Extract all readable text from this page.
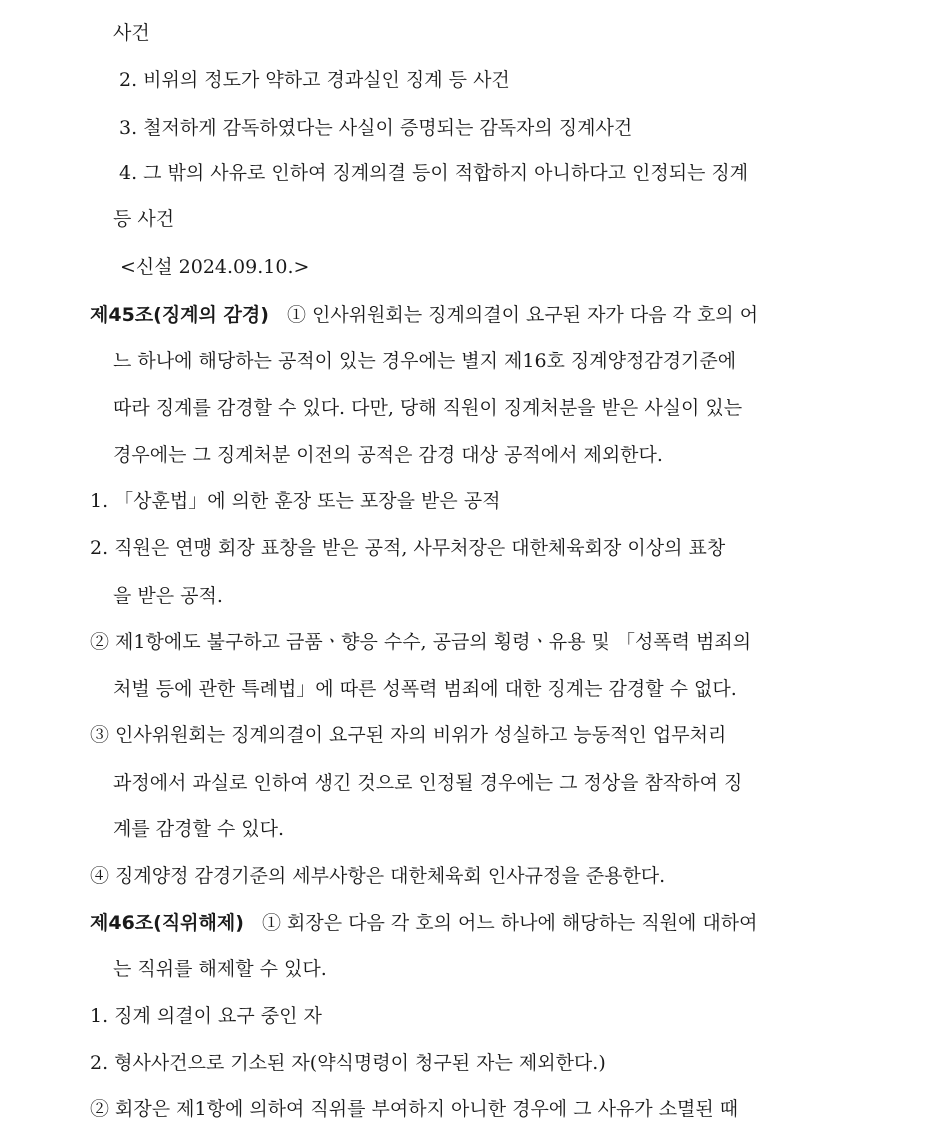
사건
2. 비위의 정도가 약하고 경과실인 징계 등 사건
3. 철저하게 감독하였다는 사실이 증명되는 감독자의 징계사건
4. 그 밖의 사유로 인하여 징계의결 등이 적합하지 아니하다고 인정되는 징계
등 사건
<신설 2024.09.10.>
제45조(징계의 감경) ① 인사위원회는 징계의결이 요구된 자가 다음 각 호의 어
느 하나에 해당하는 공적이 있는 경우에는 별지 제16호 징계양정감경기준에
따라 징계를 감경할 수 있다. 다만, 당해 직원이 징계처분을 받은 사실이 있는
경우에는 그 징계처분 이전의 공적은 감경 대상 공적에서 제외한다.
1. 「상훈법」에 의한 훈장 또는 포장을 받은 공적
2. 직원은 연맹 회장 표창을 받은 공적, 사무처장은 대한체육회장 이상의 표창
을 받은 공적.
② 제1항에도 불구하고 금품ㆍ향응 수수, 공금의 횡령ㆍ유용 및 「성폭력 범죄의
처벌 등에 관한 특례법」에 따른 성폭력 범죄에 대한 징계는 감경할 수 없다.
③ 인사위원회는 징계의결이 요구된 자의 비위가 성실하고 능동적인 업무처리
과정에서 과실로 인하여 생긴 것으로 인정될 경우에는 그 정상을 참작하여 징
계를 감경할 수 있다.
④ 징계양정 감경기준의 세부사항은 대한체육회 인사규정을 준용한다.
제46조(직위해제) ① 회장은 다음 각 호의 어느 하나에 해당하는 직원에 대하여
는 직위를 해제할 수 있다.
1. 징계 의결이 요구 중인 자
2. 형사사건으로 기소된 자(약식명령이 청구된 자는 제외한다.)
② 회장은 제1항에 의하여 직위를 부여하지 아니한 경우에 그 사유가 소멸된 때
